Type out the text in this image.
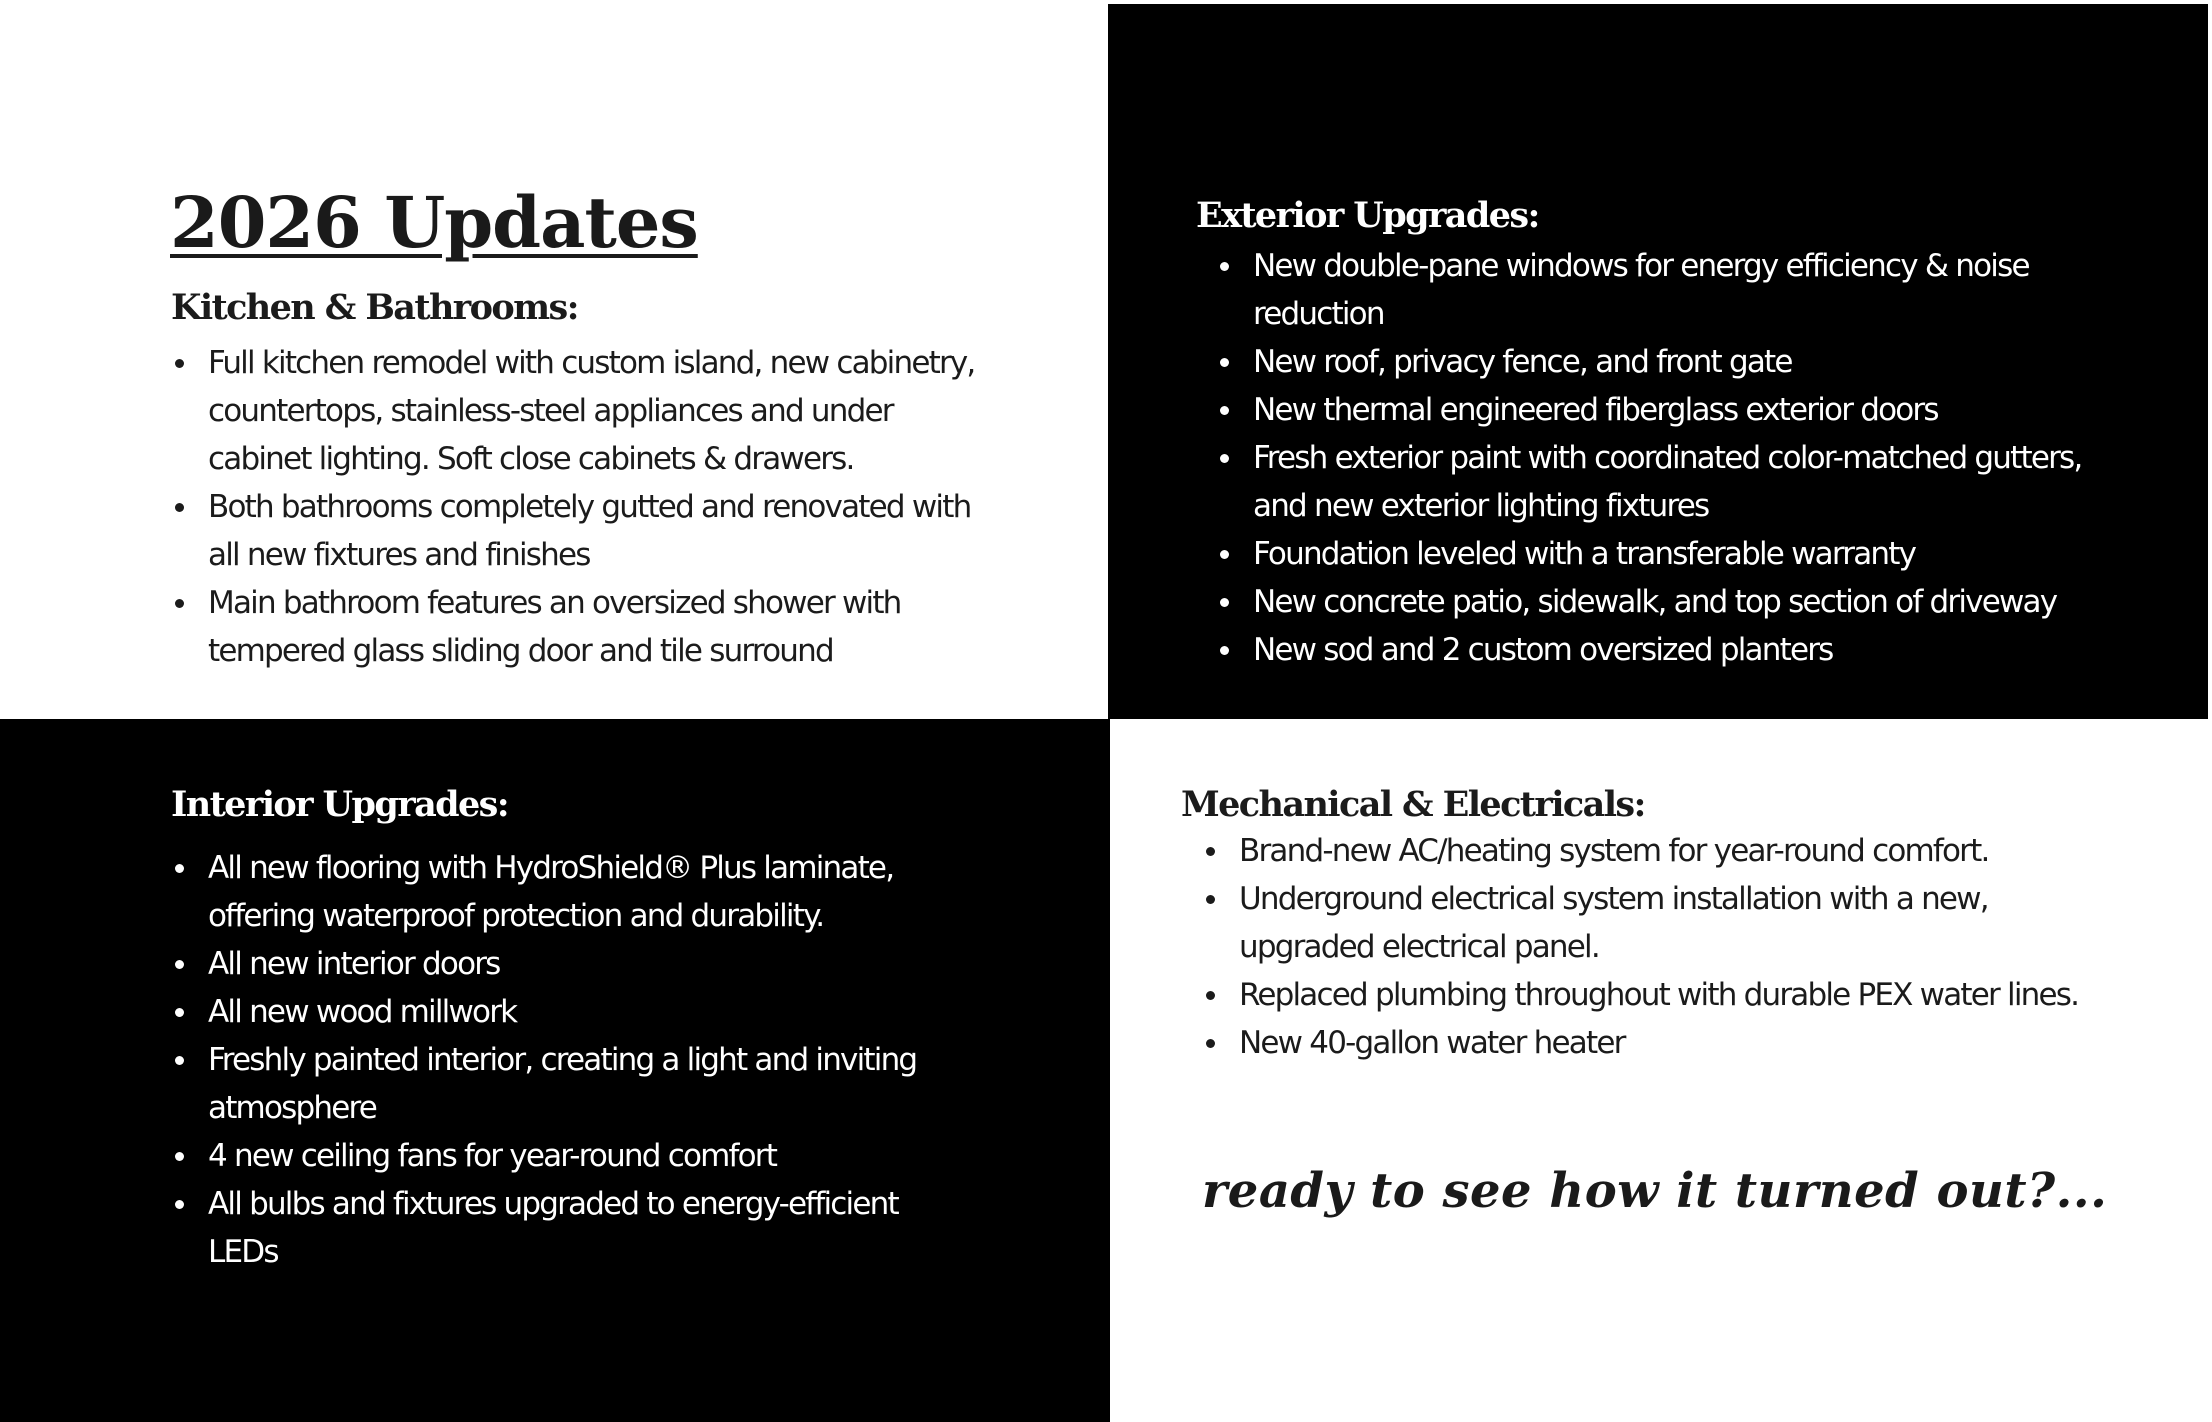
2026 Updates
Kitchen & Bathrooms:
Full kitchen remodel with custom island, new cabinetry, countertops, stainless-steel appliances and under cabinet lighting. Soft close cabinets & drawers.
Both bathrooms completely gutted and renovated with all new fixtures and finishes
Main bathroom features an oversized shower with tempered glass sliding door and tile surround
Exterior Upgrades:
New double-pane windows for energy efficiency & noise reduction
New roof, privacy fence, and front gate
New thermal engineered fiberglass exterior doors
Fresh exterior paint with coordinated color-matched gutters, and new exterior lighting fixtures
Foundation leveled with a transferable warranty
New concrete patio, sidewalk, and top section of driveway
New sod and 2 custom oversized planters
Interior Upgrades:
All new flooring with HydroShield® Plus laminate, offering waterproof protection and durability.
All new interior doors
All new wood millwork
Freshly painted interior, creating a light and inviting atmosphere
4 new ceiling fans for year-round comfort
All bulbs and fixtures upgraded to energy-efficient LEDs
Mechanical & Electricals:
Brand-new AC/heating system for year-round comfort.
Underground electrical system installation with a new, upgraded electrical panel.
Replaced plumbing throughout with durable PEX water lines.
New 40-gallon water heater

ready to see how it turned out?...
